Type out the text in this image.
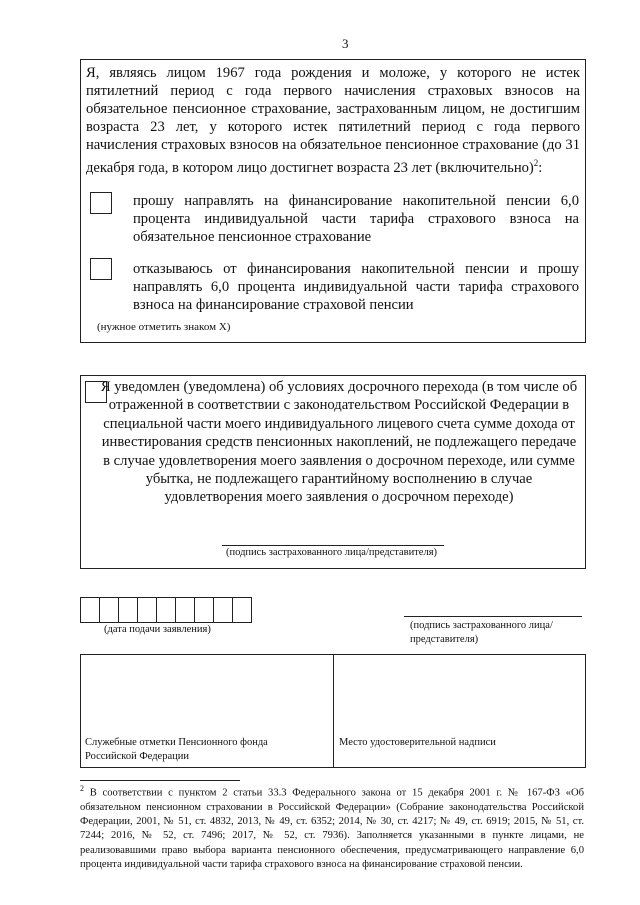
3
Я, являясь лицом 1967 года рождения и моложе, у которого не истек пятилетний период с года первого начисления страховых взносов на обязательное пенсионное страхование, застрахованным лицом, не достигшим возраста 23 лет, у которого истек пятилетний период с года первого начисления страховых взносов на обязательное пенсионное страхование (до 31 декабря года, в котором лицо достигнет возраста 23 лет (включительно)$^2$:
прошу направлять на финансирование накопительной пенсии 6,0 процента индивидуальной части тарифа страхового взноса на обязательное пенсионное страхование
отказываюсь от финансирования накопительной пенсии и прошу направлять 6,0 процента индивидуальной части тарифа страхового взноса на финансирование страховой пенсии
(нужное отметить знаком X)
Я уведомлен (уведомлена) об условиях досрочного перехода (в том числе об отраженной в соответствии с законодательством Российской Федерации в специальной части моего индивидуального лицевого счета сумме дохода от инвестирования средств пенсионных накоплений, не подлежащего передаче в случае удовлетворения моего заявления о досрочном переходе, или сумме убытка, не подлежащего гарантийному восполнению в случае удовлетворения моего заявления о досрочном переходе)
(подпись застрахованного лица/представителя)
(дата подачи заявления)	(подпись застрахованного лица/
представителя)
Служебные отметки Пенсионного фонда
Российской Федерации
Место удостоверительной надписи
$^2$ В соответствии с пунктом 2 статьи 33.3 Федерального закона от 15 декабря 2001 г. № 167-ФЗ «Об обязательном пенсионном страховании в Российской Федерации» (Собрание законодательства Российской Федерации, 2001, № 51, ст. 4832, 2013, № 49, ст. 6352; 2014, № 30, ст. 4217; № 49, ст. 6919; 2015, № 51, ст. 7244; 2016, № 52, ст. 7496; 2017, № 52, ст. 7936). Заполняется указанными в пункте лицами, не реализовавшими право выбора варианта пенсионного обеспечения, предусматривающего направление 6,0 процента индивидуальной части тарифа страхового взноса на финансирование страховой пенсии.
